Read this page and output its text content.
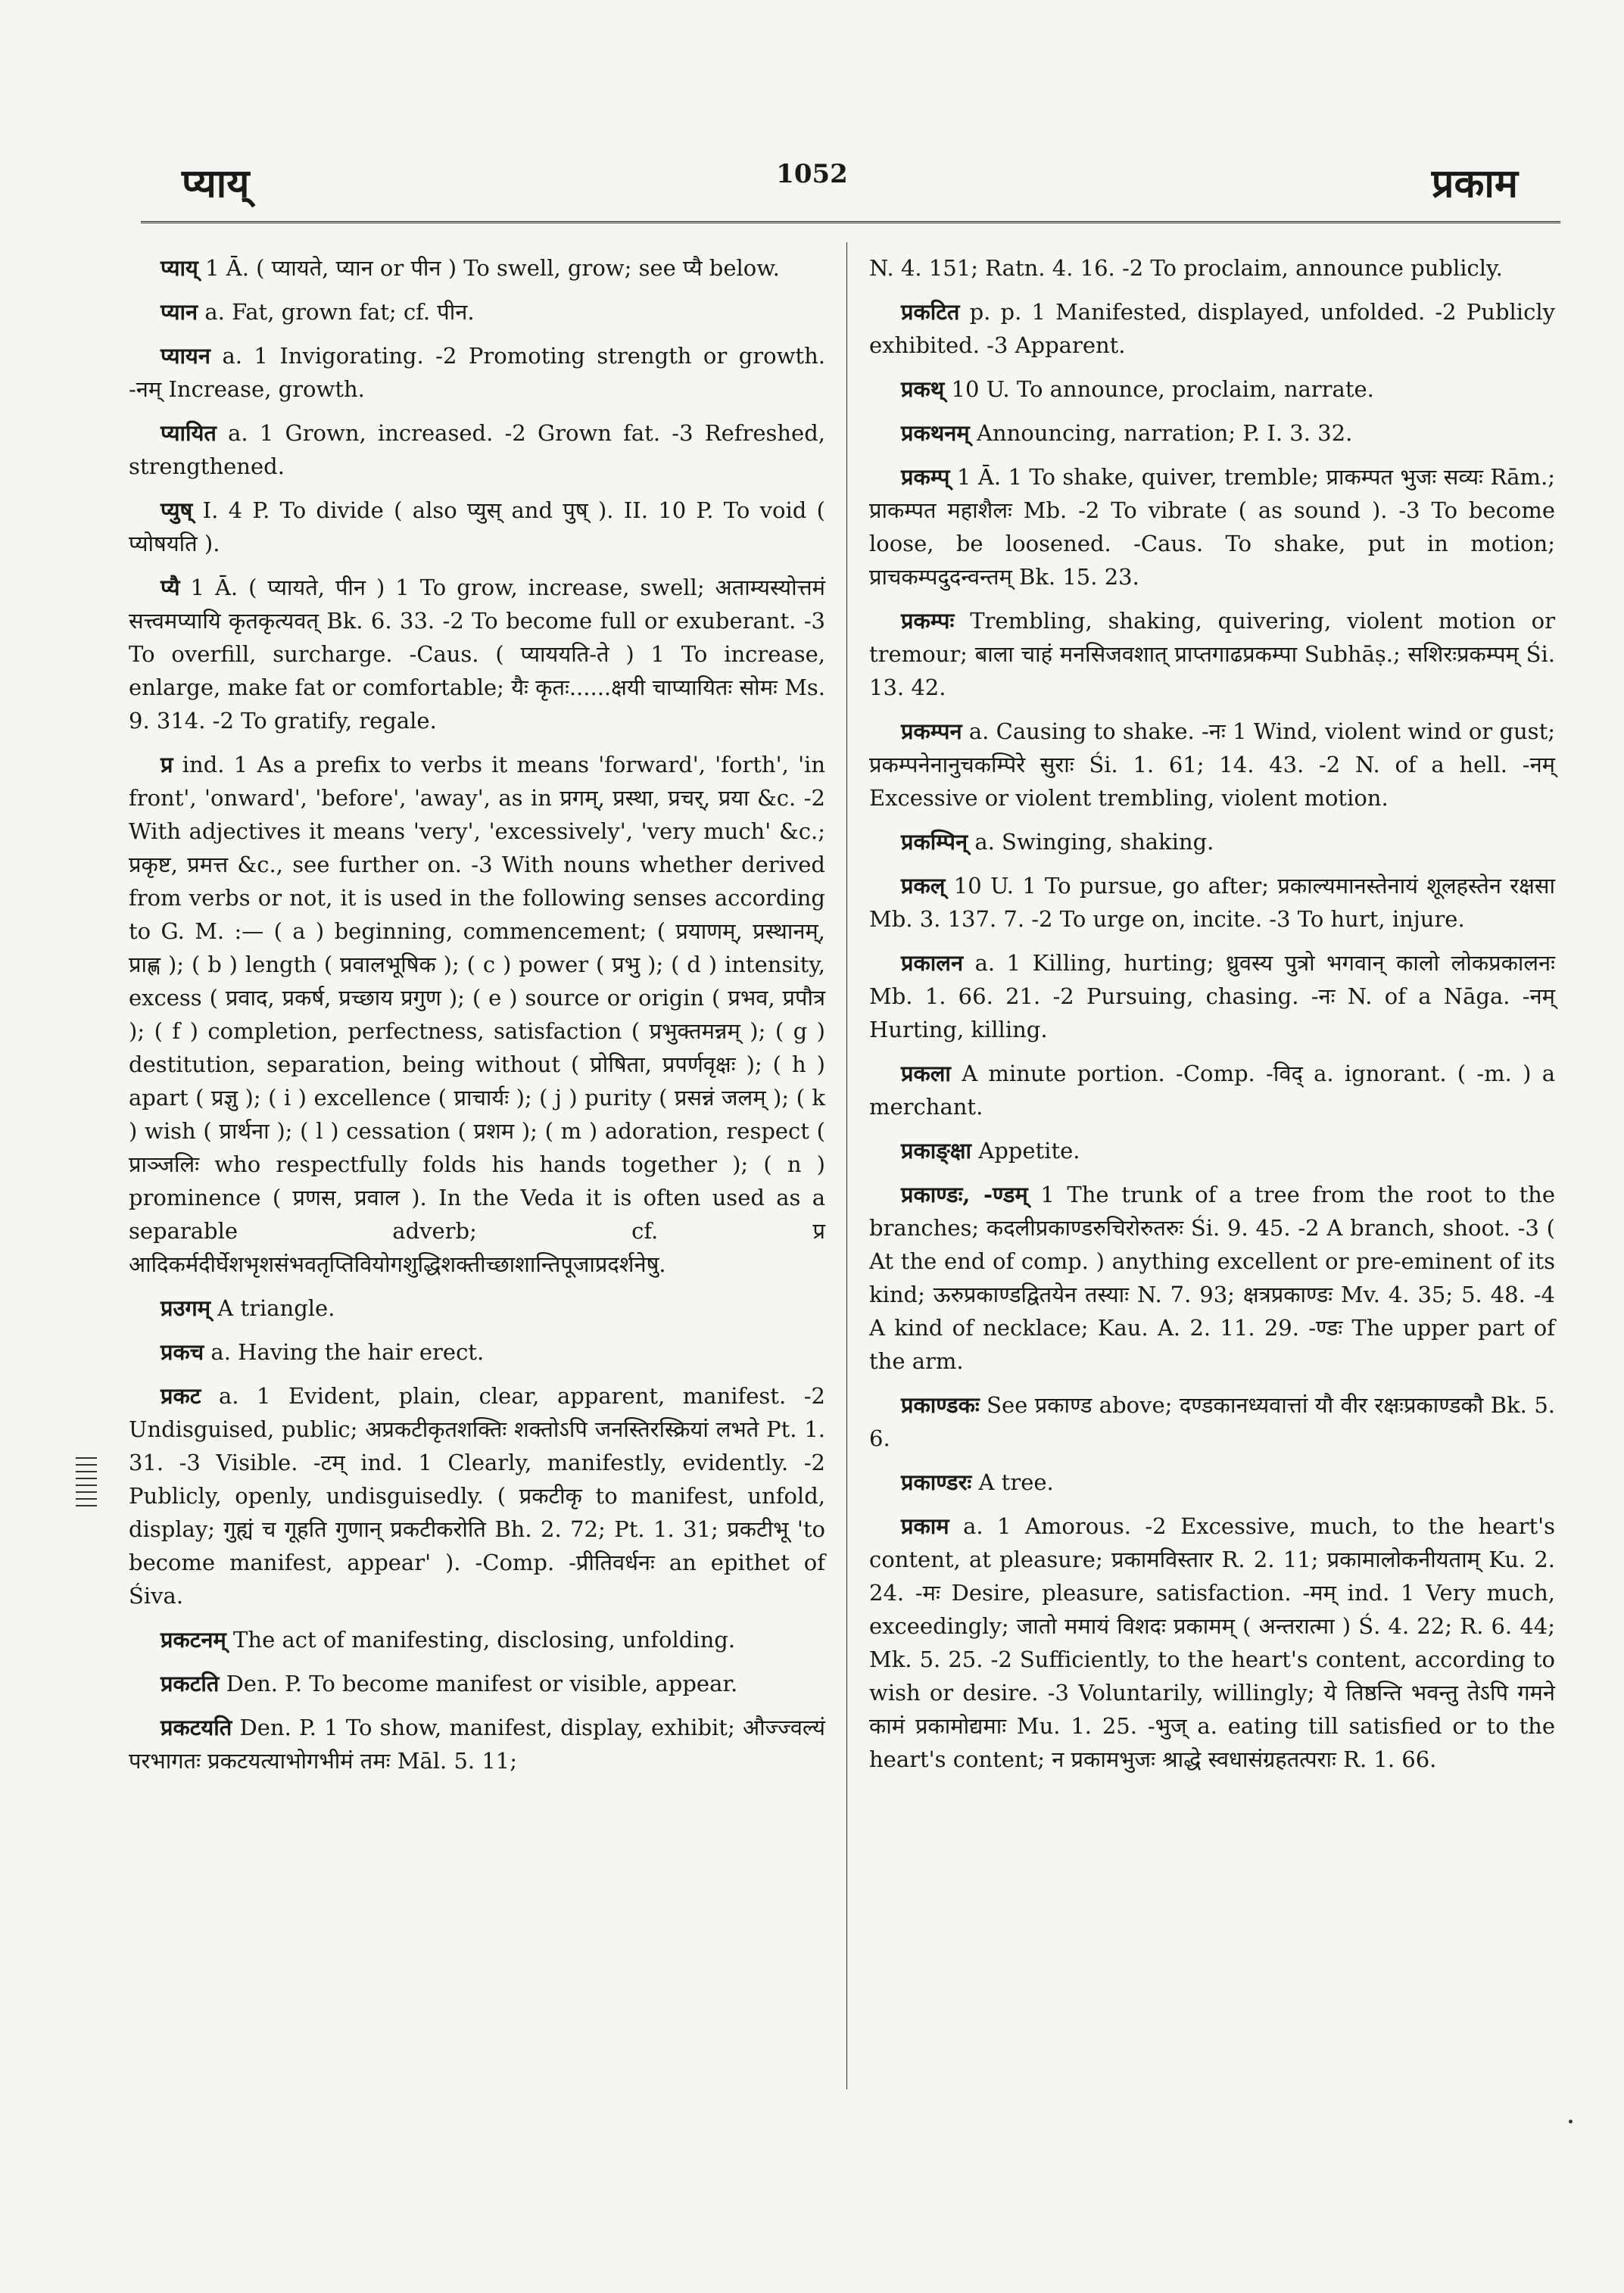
प्याय्	1052	प्रकाम

प्याय् 1 Ā. ( प्यायते, प्यान or पीन ) To swell, grow; see प्यै below.

प्यान a. Fat, grown fat; cf. पीन.

प्यायन a. 1 Invigorating. -2 Promoting strength or growth. -नम् Increase, growth.

प्यायित a. 1 Grown, increased. -2 Grown fat. -3 Refreshed, strengthened.

प्युष् I. 4 P. To divide ( also प्युस् and पुष् ). II. 10 P. To void ( प्योषयति ).

प्यै 1 Ā. ( प्यायते, पीन ) 1 To grow, increase, swell; अताम्यस्योत्तमं सत्त्वमप्यायि कृतकृत्यवत् Bk. 6. 33. -2 To become full or exuberant. -3 To overfill, surcharge. -Caus. ( प्याययति-ते ) 1 To increase, enlarge, make fat or comfortable; यैः कृतः......क्षयी चाप्यायितः सोमः Ms. 9. 314. -2 To gratify, regale.

प्र ind. 1 As a prefix to verbs it means 'forward', 'forth', 'in front', 'onward', 'before', 'away', as in प्रगम्, प्रस्था, प्रचर्, प्रया &c. -2 With adjectives it means 'very', 'excessively', 'very much' &c.; प्रकृष्ट, प्रमत्त &c., see further on. -3 With nouns whether derived from verbs or not, it is used in the following senses according to G. M. :— ( a ) beginning, commencement; ( प्रयाणम्, प्रस्थानम्, प्राह्ण ); ( b ) length ( प्रवालभूषिक ); ( c ) power ( प्रभु ); ( d ) intensity, excess ( प्रवाद, प्रकर्ष, प्रच्छाय प्रगुण ); ( e ) source or origin ( प्रभव, प्रपौत्र ); ( f ) completion, perfectness, satisfaction ( प्रभुक्तमन्नम् ); ( g ) destitution, separation, being without ( प्रोषिता, प्रपर्णवृक्षः ); ( h ) apart ( प्रज्ञु ); ( i ) excellence ( प्राचार्यः ); ( j ) purity ( प्रसन्नं जलम् ); ( k ) wish ( प्रार्थना ); ( l ) cessation ( प्रशम ); ( m ) adoration, respect ( प्राञ्जलिः who respectfully folds his hands together ); ( n ) prominence ( प्रणस, प्रवाल ). In the Veda it is often used as a separable adverb; cf. प्र आदिकर्मदीर्घेशभृशसंभवतृप्तिवियोगशुद्धिशक्तीच्छाशान्तिपूजाप्रदर्शनेषु.

प्रउगम् A triangle.

प्रकच a. Having the hair erect.

प्रकट a. 1 Evident, plain, clear, apparent, manifest. -2 Undisguised, public; अप्रकटीकृतशक्तिः शक्तोऽपि जनस्तिरस्क्रियां लभते Pt. 1. 31. -3 Visible. -टम् ind. 1 Clearly, manifestly, evidently. -2 Publicly, openly, undisguisedly. ( प्रकटीकृ to manifest, unfold, display; गुह्यं च गूहति गुणान् प्रकटीकरोति Bh. 2. 72; Pt. 1. 31; प्रकटीभू 'to become manifest, appear' ). -Comp. -प्रीतिवर्धनः an epithet of Śiva.

प्रकटनम् The act of manifesting, disclosing, unfolding.

प्रकटति Den. P. To become manifest or visible, appear.

प्रकटयति Den. P. 1 To show, manifest, display, exhibit; औज्ज्वल्यं परभागतः प्रकटयत्याभोगभीमं तमः Māl. 5. 11;

N. 4. 151; Ratn. 4. 16. -2 To proclaim, announce publicly.

प्रकटित p. p. 1 Manifested, displayed, unfolded. -2 Publicly exhibited. -3 Apparent.

प्रकथ् 10 U. To announce, proclaim, narrate.

प्रकथनम् Announcing, narration; P. I. 3. 32.

प्रकम्प् 1 Ā. 1 To shake, quiver, tremble; प्राकम्पत भुजः सव्यः Rām.; प्राकम्पत महाशैलः Mb. -2 To vibrate ( as sound ). -3 To become loose, be loosened. -Caus. To shake, put in motion; प्राचकम्पदुदन्वन्तम् Bk. 15. 23.

प्रकम्पः Trembling, shaking, quivering, violent motion or tremour; बाला चाहं मनसिजवशात् प्राप्तगाढप्रकम्पा Subhāṣ.; सशिरःप्रकम्पम् Śi. 13. 42.

प्रकम्पन a. Causing to shake. -नः 1 Wind, violent wind or gust; प्रकम्पनेनानुचकम्पिरे सुराः Śi. 1. 61; 14. 43. -2 N. of a hell. -नम् Excessive or violent trembling, violent motion.

प्रकम्पिन् a. Swinging, shaking.

प्रकल् 10 U. 1 To pursue, go after; प्रकाल्यमानस्तेनायं शूलहस्तेन रक्षसा Mb. 3. 137. 7. -2 To urge on, incite. -3 To hurt, injure.

प्रकालन a. 1 Killing, hurting; ध्रुवस्य पुत्रो भगवान् कालो लोकप्रकालनः Mb. 1. 66. 21. -2 Pursuing, chasing. -नः N. of a Nāga. -नम् Hurting, killing.

प्रकला A minute portion. -Comp. -विद् a. ignorant. ( -m. ) a merchant.

प्रकाङ्क्षा Appetite.

प्रकाण्डः, -ण्डम् 1 The trunk of a tree from the root to the branches; कदलीप्रकाण्डरुचिरोरुतरुः Śi. 9. 45. -2 A branch, shoot. -3 ( At the end of comp. ) anything excellent or pre-eminent of its kind; ऊरुप्रकाण्डद्वितयेन तस्याः N. 7. 93; क्षत्रप्रकाण्डः Mv. 4. 35; 5. 48. -4 A kind of necklace; Kau. A. 2. 11. 29. -ण्डः The upper part of the arm.

प्रकाण्डकः See प्रकाण्ड above; दण्डकानध्यवात्तां यौ वीर रक्षःप्रकाण्डकौ Bk. 5. 6.

प्रकाण्डरः A tree.

प्रकाम a. 1 Amorous. -2 Excessive, much, to the heart's content, at pleasure; प्रकामविस्तार R. 2. 11; प्रकामालोकनीयताम् Ku. 2. 24. -मः Desire, pleasure, satisfaction. -मम् ind. 1 Very much, exceedingly; जातो ममायं विशदः प्रकामम् ( अन्तरात्मा ) Ś. 4. 22; R. 6. 44; Mk. 5. 25. -2 Sufficiently, to the heart's content, according to wish or desire. -3 Voluntarily, willingly; ये तिष्ठन्ति भवन्तु तेऽपि गमने कामं प्रकामोद्यमाः Mu. 1. 25. -भुज् a. eating till satisfied or to the heart's content; न प्रकामभुजः श्राद्धे स्वधासंग्रहतत्पराः R. 1. 66.
